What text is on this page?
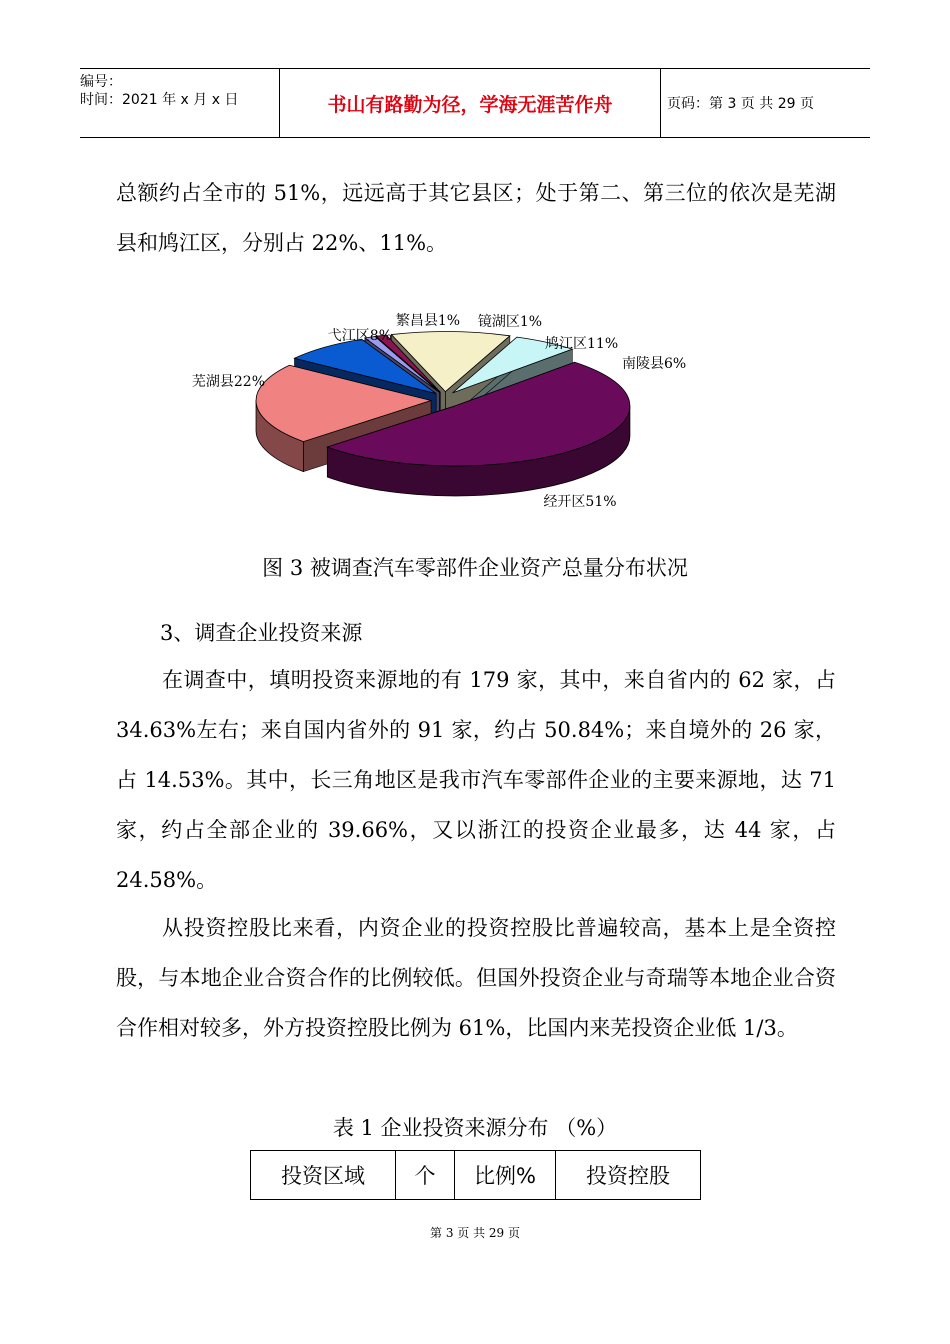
编号：
时间：2021 年 x 月 x 日	书山有路勤为径，学海无涯苦作舟	页码：第 3 页 共 29 页

总额约占全市的 51%，远远高于其它县区；处于第二、第三位的依次是芜湖县和鸠江区，分别占 22%、11%。

经开区51%
芜湖县22%
弋江区8%
繁昌县1% 镜湖区1%
鸠江区11%
南陵县6%
图 3 被调查汽车零部件企业资产总量分布状况
3、调查企业投资来源

在调查中，填明投资来源地的有 179 家，其中，来自省内的 62 家，占 34.63%左右；来自国内省外的 91 家，约占 50.84%；来自境外的 26 家，占 14.53%。其中，长三角地区是我市汽车零部件企业的主要来源地，达 71 家，约占全部企业的 39.66%，又以浙江的投资企业最多，达 44 家，占 24.58%。

从投资控股比来看，内资企业的投资控股比普遍较高，基本上是全资控股，与本地企业合资合作的比例较低。但国外投资企业与奇瑞等本地企业合资合作相对较多，外方投资控股比例为 61%，比国内来芜投资企业低 1/3。

表 1 企业投资来源分布 （%）
投资区域	个	比例%	投资控股
第 3 页 共 29 页
